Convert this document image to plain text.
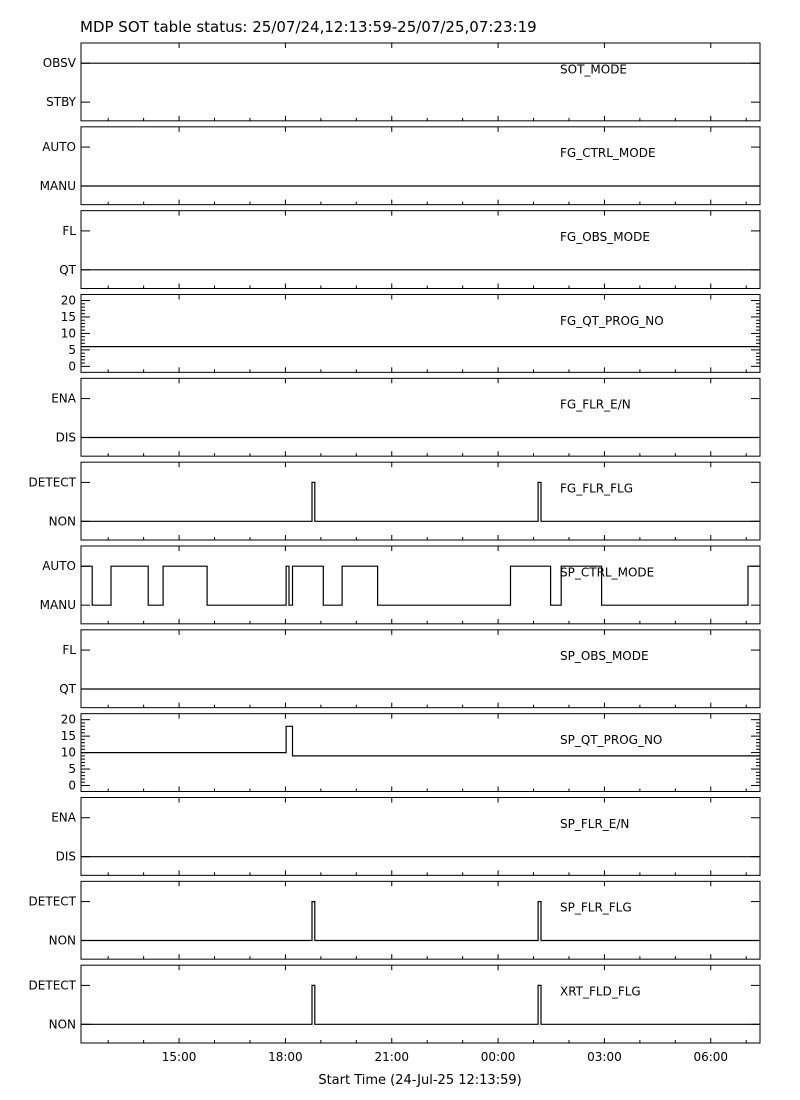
MDP SOT table status: 25/07/24,12:13:59-25/07/25,07:23:19
STBY
OBSV	SOT_MODE
MANU
AUTO	FG_CTRL_MODE
QT
FL	FG_OBS_MODE
0
5
10
15
20
FG_QT_PROG_NO
DIS
ENA	FG_FLR_E/N
NON
DETECT	FG_FLR_FLG
MANU
AUTO	SP_CTRL_MODE
QT
FL	SP_OBS_MODE
0
5
10
15
20
SP_QT_PROG_NO
DIS
ENA	SP_FLR_E/N
NON
DETECT	SP_FLR_FLG
NON
DETECT	XRT_FLD_FLG
15:00	18:00	21:00	00:00	03:00	06:00
Start Time (24-Jul-25 12:13:59)
